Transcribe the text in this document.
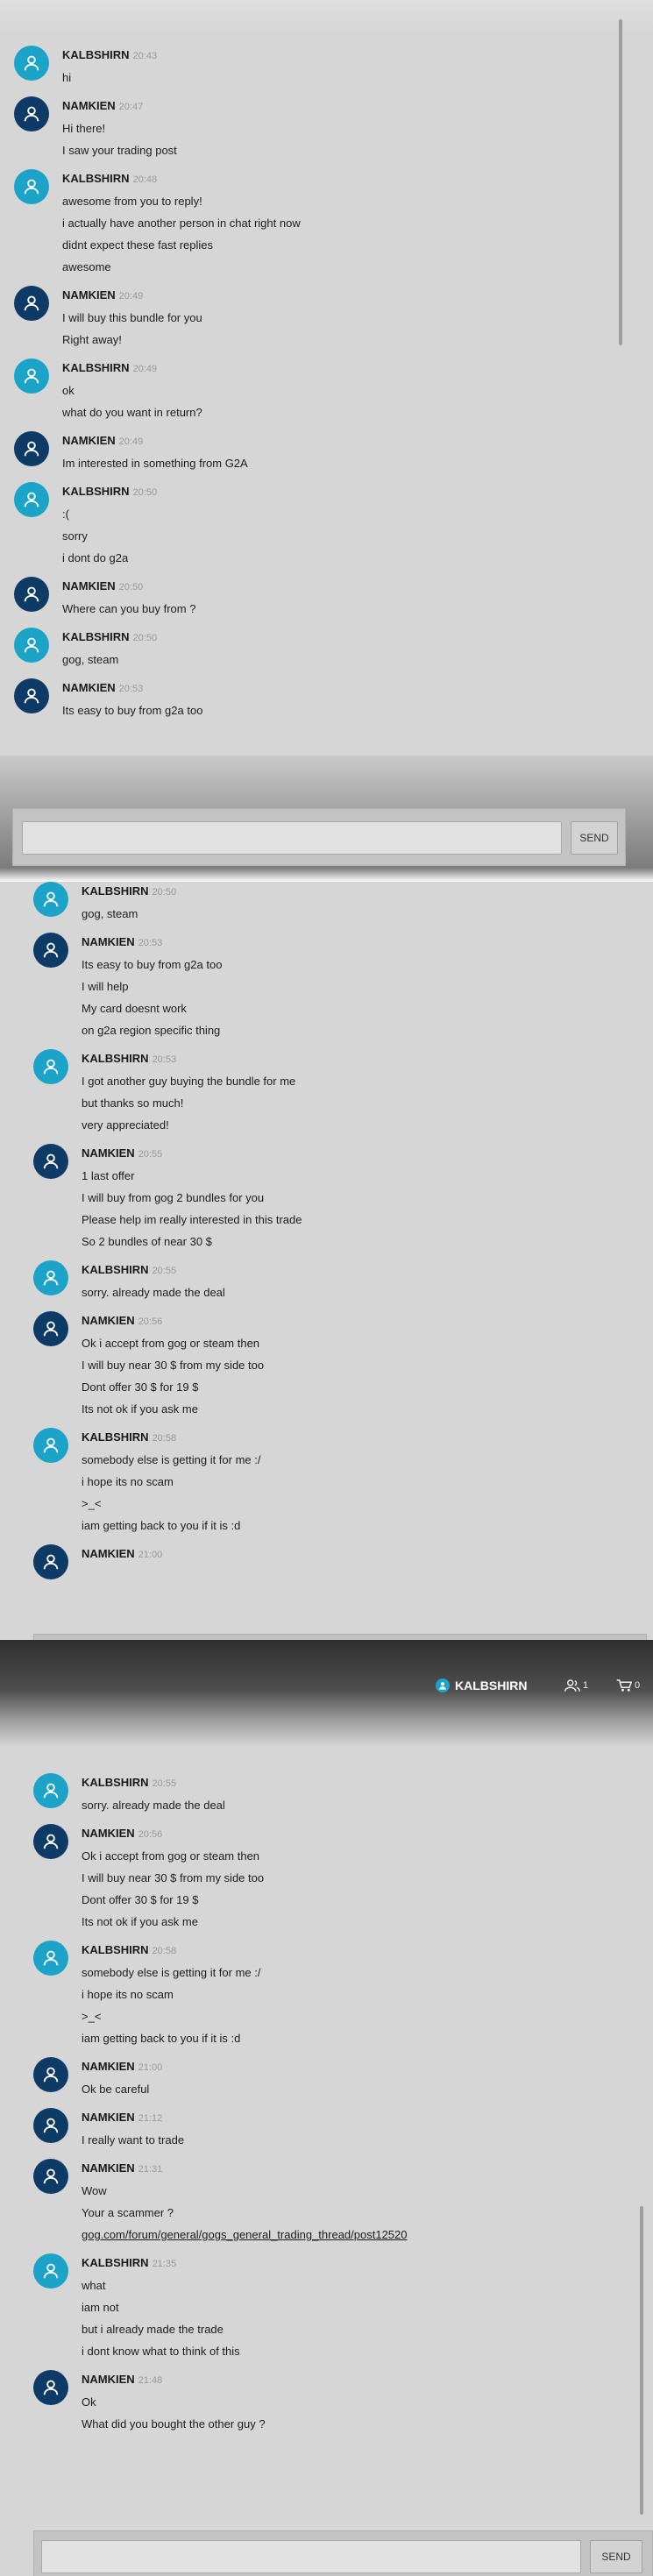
KALBSHIRN 20:43
hi
NAMKIEN 20:47
Hi there!
I saw your trading post
KALBSHIRN 20:48
awesome from you to reply!
i actually have another person in chat right now
didnt expect these fast replies
awesome
NAMKIEN 20:49
I will buy this bundle for you
Right away!
KALBSHIRN 20:49
ok
what do you want in return?
NAMKIEN 20:49
Im interested in something from G2A
KALBSHIRN 20:50
:(
sorry
i dont do g2a
NAMKIEN 20:50
Where can you buy from ?
KALBSHIRN 20:50
gog, steam
NAMKIEN 20:53
Its easy to buy from g2a too
SEND
KALBSHIRN 20:50
gog, steam
NAMKIEN 20:53
Its easy to buy from g2a too
I will help
My card doesnt work
on g2a region specific thing
KALBSHIRN 20:53
I got another guy buying the bundle for me
but thanks so much!
very appreciated!
NAMKIEN 20:55
1 last offer
I will buy from gog 2 bundles for you
Please help im really interested in this trade
So 2 bundles of near 30 $
KALBSHIRN 20:55
sorry. already made the deal
NAMKIEN 20:56
Ok i accept from gog or steam then
I will buy near 30 $ from my side too
Dont offer 30 $ for 19 $
Its not ok if you ask me
KALBSHIRN 20:58
somebody else is getting it for me :/
i hope its no scam
>_<
iam getting back to you if it is :d
NAMKIEN 21:00
KALBSHIRN	1	0
KALBSHIRN 20:55
sorry. already made the deal
NAMKIEN 20:56
Ok i accept from gog or steam then
I will buy near 30 $ from my side too
Dont offer 30 $ for 19 $
Its not ok if you ask me
KALBSHIRN 20:58
somebody else is getting it for me :/
i hope its no scam
>_<
iam getting back to you if it is :d
NAMKIEN 21:00
Ok be careful
NAMKIEN 21:12
I really want to trade
NAMKIEN 21:31
Wow
Your a scammer ?
gog.com/forum/general/gogs_general_trading_thread/post12520
KALBSHIRN 21:35
what
iam not
but i already made the trade
i dont know what to think of this
NAMKIEN 21:48
Ok
What did you bought the other guy ?
SEND
